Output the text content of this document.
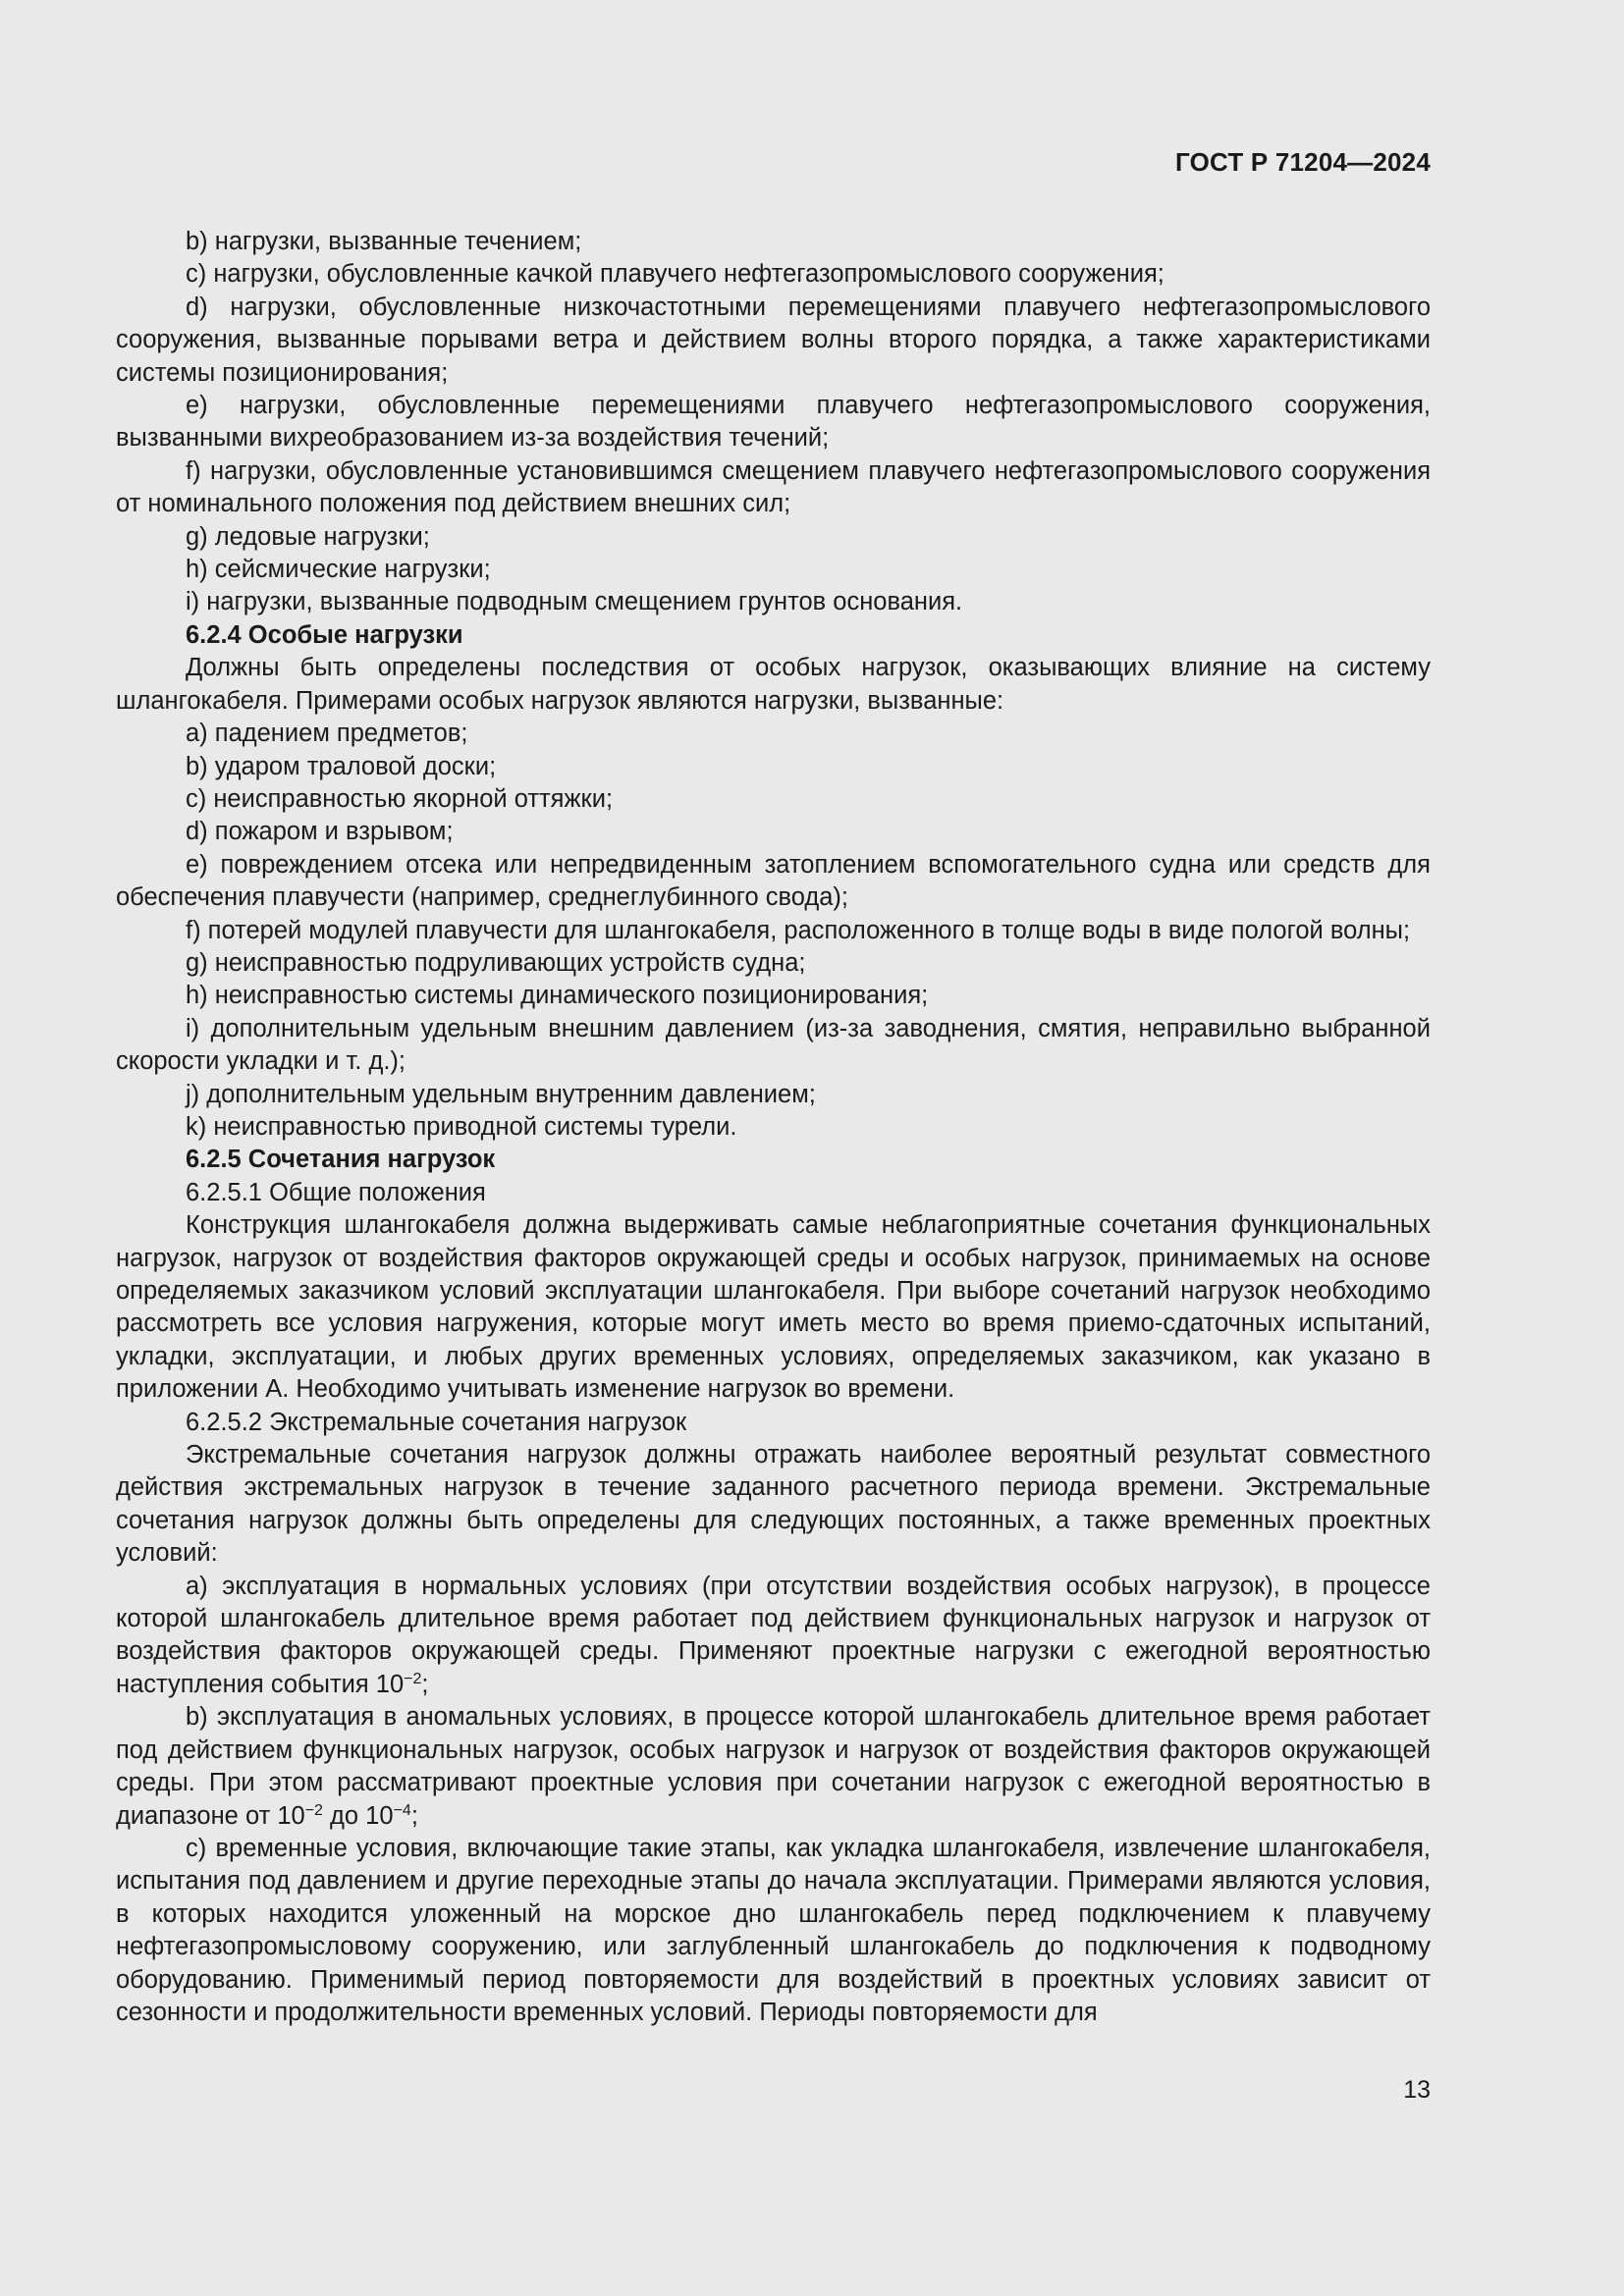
ГОСТ Р 71204—2024

b) нагрузки, вызванные течением;

c) нагрузки, обусловленные качкой плавучего нефтегазопромыслового сооружения;

d) нагрузки, обусловленные низкочастотными перемещениями плавучего нефтегазопромыслового сооружения, вызванные порывами ветра и действием волны второго порядка, а также характеристиками системы позиционирования;

e) нагрузки, обусловленные перемещениями плавучего нефтегазопромыслового сооружения, вызванными вихреобразованием из-за воздействия течений;

f) нагрузки, обусловленные установившимся смещением плавучего нефтегазопромыслового сооружения от номинального положения под действием внешних сил;

g) ледовые нагрузки;

h) сейсмические нагрузки;

i) нагрузки, вызванные подводным смещением грунтов основания.

6.2.4 Особые нагрузки

Должны быть определены последствия от особых нагрузок, оказывающих влияние на систему шлангокабеля. Примерами особых нагрузок являются нагрузки, вызванные:

a) падением предметов;

b) ударом траловой доски;

c) неисправностью якорной оттяжки;

d) пожаром и взрывом;

e) повреждением отсека или непредвиденным затоплением вспомогательного судна или средств для обеспечения плавучести (например, среднеглубинного свода);

f) потерей модулей плавучести для шлангокабеля, расположенного в толще воды в виде пологой волны;

g) неисправностью подруливающих устройств судна;

h) неисправностью системы динамического позиционирования;

i) дополнительным удельным внешним давлением (из-за заводнения, смятия, неправильно выбранной скорости укладки и т. д.);

j) дополнительным удельным внутренним давлением;

k) неисправностью приводной системы турели.

6.2.5 Сочетания нагрузок

6.2.5.1 Общие положения

Конструкция шлангокабеля должна выдерживать самые неблагоприятные сочетания функциональных нагрузок, нагрузок от воздействия факторов окружающей среды и особых нагрузок, принимаемых на основе определяемых заказчиком условий эксплуатации шлангокабеля. При выборе сочетаний нагрузок необходимо рассмотреть все условия нагружения, которые могут иметь место во время приемо-сдаточных испытаний, укладки, эксплуатации, и любых других временных условиях, определяемых заказчиком, как указано в приложении А. Необходимо учитывать изменение нагрузок во времени.

6.2.5.2 Экстремальные сочетания нагрузок

Экстремальные сочетания нагрузок должны отражать наиболее вероятный результат совместного действия экстремальных нагрузок в течение заданного расчетного периода времени. Экстремальные сочетания нагрузок должны быть определены для следующих постоянных, а также временных проектных условий:

a) эксплуатация в нормальных условиях (при отсутствии воздействия особых нагрузок), в процессе которой шлангокабель длительное время работает под действием функциональных нагрузок и нагрузок от воздействия факторов окружающей среды. Применяют проектные нагрузки с ежегодной вероятностью наступления события $10^{-2}$;

b) эксплуатация в аномальных условиях, в процессе которой шлангокабель длительное время работает под действием функциональных нагрузок, особых нагрузок и нагрузок от воздействия факторов окружающей среды. При этом рассматривают проектные условия при сочетании нагрузок с ежегодной вероятностью в диапазоне от $10^{-2}$ до $10^{-4}$;

c) временные условия, включающие такие этапы, как укладка шлангокабеля, извлечение шлангокабеля, испытания под давлением и другие переходные этапы до начала эксплуатации. Примерами являются условия, в которых находится уложенный на морское дно шлангокабель перед подключением к плавучему нефтегазопромысловому сооружению, или заглубленный шлангокабель до подключения к подводному оборудованию. Применимый период повторяемости для воздействий в проектных условиях зависит от сезонности и продолжительности временных условий. Периоды повторяемости для

13
